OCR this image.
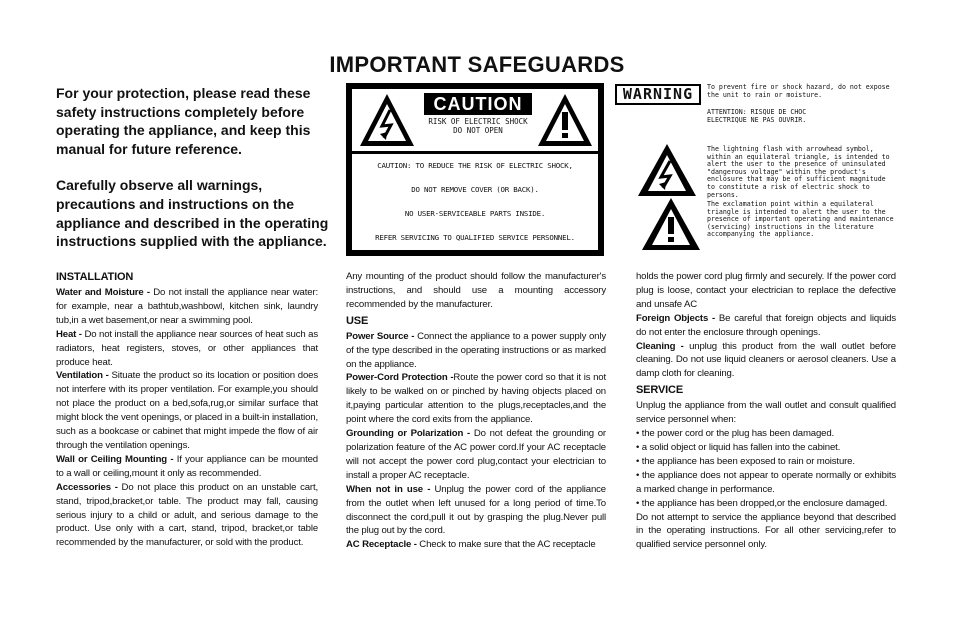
IMPORTANT SAFEGUARDS

For your protection, please read these safety instructions completely before operating the appliance, and keep this manual for future reference.

Carefully observe all warnings, precautions and instructions on the appliance and described in the operating instructions supplied with the appliance.

CAUTION
RISK OF ELECTRIC SHOCK
DO NOT OPEN
CAUTION: TO REDUCE THE RISK OF ELECTRIC SHOCK,
DO NOT REMOVE COVER (OR BACK).
NO USER-SERVICEABLE PARTS INSIDE.
REFER SERVICING TO QUALIFIED SERVICE PERSONNEL.
WARNING	To prevent fire or shock hazard, do not expose the unit to rain or moisture.
ATTENTION: RISQUE DE CHOC ELECTRIQUE NE PAS OUVRIR.
The lightning flash with arrowhead symbol, within an equilateral triangle, is intended to alert the user to the presence of uninsulated "dangerous voltage" within the product's enclosure that may be of sufficient magnitude to constitute a risk of electric shock to persons.
The exclamation point within a equilateral triangle is intended to alert the user to the presence of important operating and maintenance (servicing) instructions in the literature accompanying the appliance.
INSTALLATION

Water and Moisture - Do not install the appliance near water: for example, near a bathtub,washbowl, kitchen sink, laundry tub,in a wet basement,or near a swimming pool.

Heat - Do not install the appliance near sources of heat such as radiators, heat registers, stoves, or other appliances that produce heat.

Ventilation - Situate the product so its location or position does not interfere with its proper ventilation. For example,you should not place the product on a bed,sofa,rug,or similar surface that might block the vent openings, or placed in a built-in installation, such as a bookcase or cabinet that might impede the flow of air through the ventilation openings.

Wall or Ceiling Mounting - If your appliance can be mounted to a wall or ceiling,mount it only as recommended.

Accessories - Do not place this product on an unstable cart, stand, tripod,bracket,or table. The product may fall, causing serious injury to a child or adult, and serious damage to the product. Use only with a cart, stand, tripod, bracket,or table recommended by the manufacturer, or sold with the product.

Any mounting of the product should follow the manufacturer's instructions, and should use a mounting accessory recommended by the manufacturer.

USE

Power Source - Connect the appliance to a power supply only of the type described in the operating instructions or as marked on the appliance.

Power-Cord Protection -Route the power cord so that it is not likely to be walked on or pinched by having objects placed on it,paying particular attention to the plugs,receptacles,and the point where the cord exits from the appliance.

Grounding or Polarization - Do not defeat the grounding or polarization feature of the AC power cord.If your AC receptacle will not accept the power cord plug,contact your electrician to install a proper AC receptacle.

When not in use - Unplug the power cord of the appliance from the outlet when left unused for a long period of time.To disconnect the cord,pull it out by grasping the plug.Never pull the plug out by the cord.

AC Receptacle - Check to make sure that the AC receptacle

holds the power cord plug firmly and securely. If the power cord plug is loose, contact your electrician to replace the defective and unsafe AC

Foreign Objects - Be careful that foreign objects and liquids do not enter the enclosure through openings.

Cleaning - unplug this product from the wall outlet before cleaning. Do not use liquid cleaners or aerosol cleaners. Use a damp cloth for cleaning.

SERVICE

Unplug the appliance from the wall outlet and consult qualified service personnel when:

• the power cord or the plug has been damaged.

• a solid object or liquid has fallen into the cabinet.

• the appliance has been exposed to rain or moisture.

• the appliance does not appear to operate normally or exhibits a marked change in performance.

• the appliance has been dropped,or the enclosure damaged.

Do not attempt to service the appliance beyond that described in the operating instructions. For all other servicing,refer to qualified service personnel only.
